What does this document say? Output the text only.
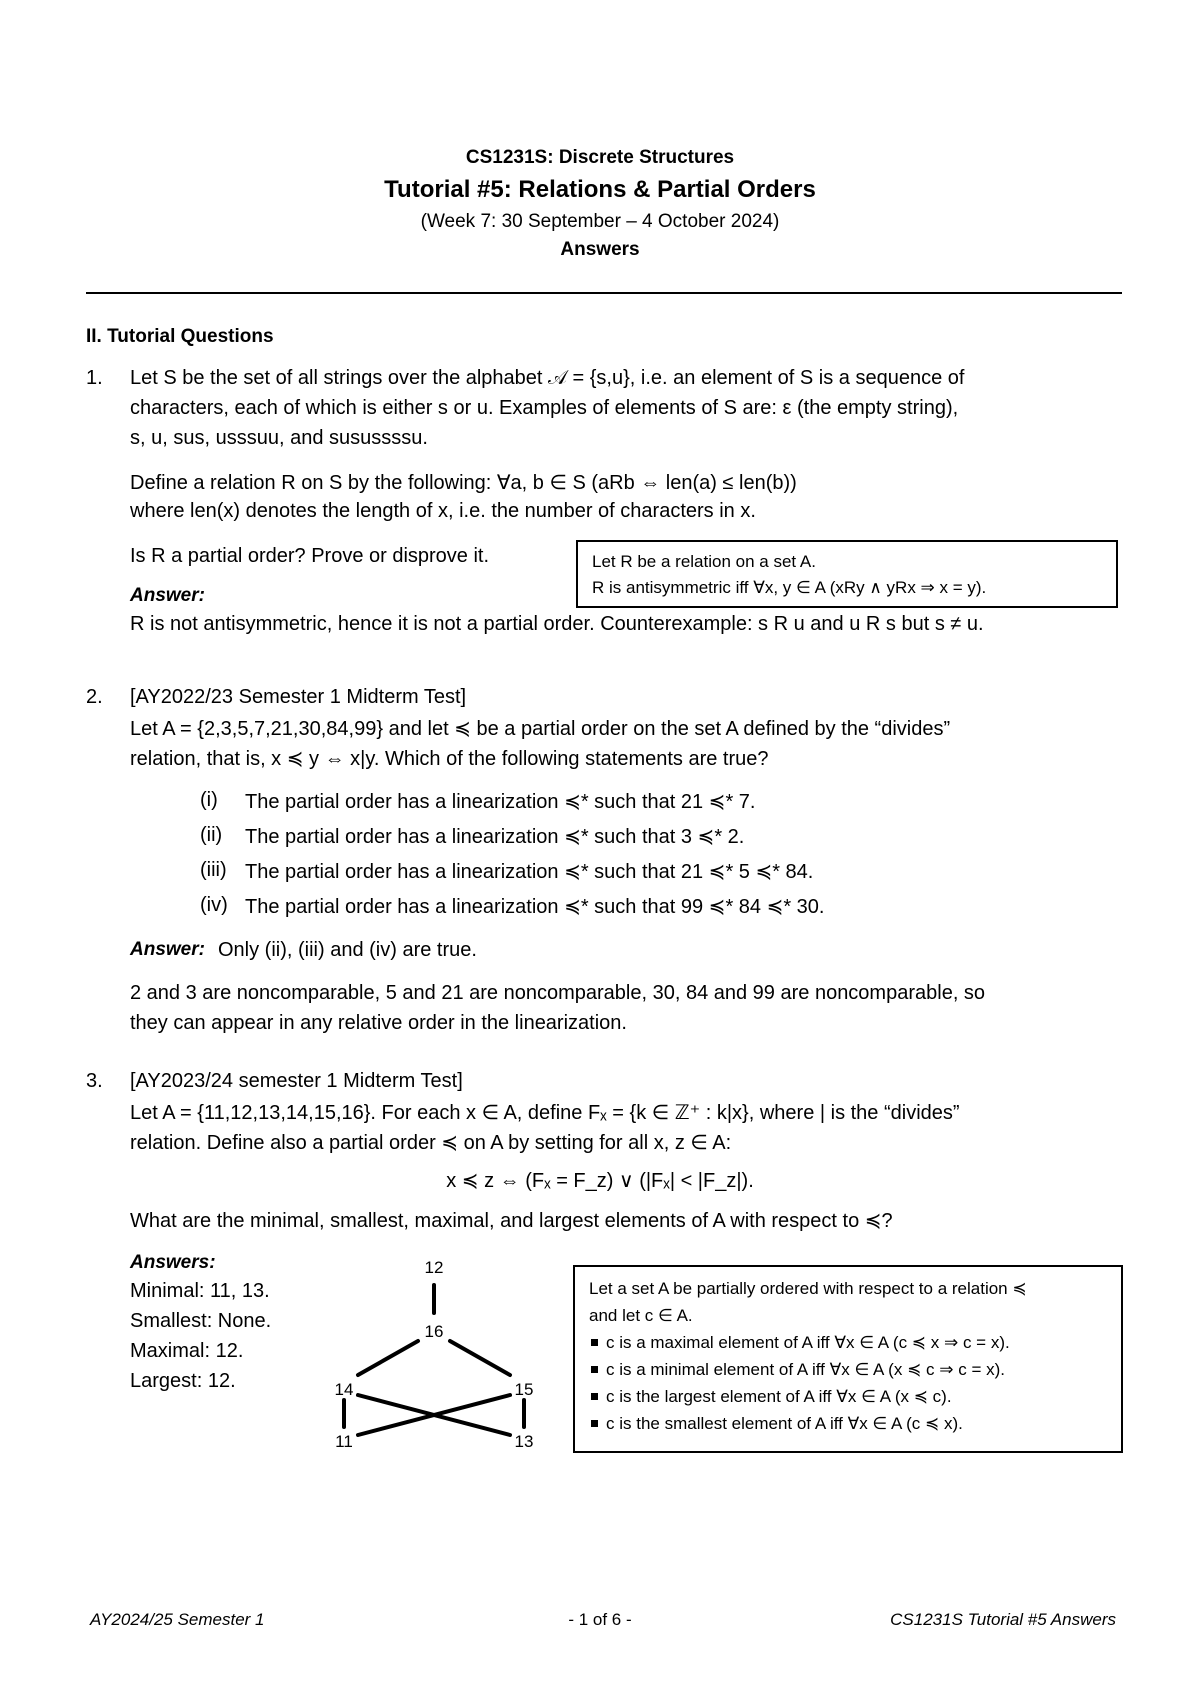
CS1231S: Discrete Structures
Tutorial #5: Relations & Partial Orders
(Week 7: 30 September – 4 October 2024)
Answers
II. Tutorial Questions
1. Let S be the set of all strings over the alphabet 𝒜 = {s,u}, i.e. an element of S is a sequence of
characters, each of which is either s or u. Examples of elements of S are: ε (the empty string),
s, u, sus, usssuu, and susussssu.
Define a relation R on S by the following: ∀a, b ∈ S (aRb ⇔ len(a) ≤ len(b))
where len(x) denotes the length of x, i.e. the number of characters in x.
Is R a partial order? Prove or disprove it.
Answer:
R is not antisymmetric, hence it is not a partial order. Counterexample: s R u and u R s but s ≠ u.
Let R be a relation on a set A.
R is antisymmetric iff ∀x, y ∈ A (xRy ∧ yRx ⇒ x = y).
2. [AY2022/23 Semester 1 Midterm Test]
Let A = {2,3,5,7,21,30,84,99} and let ≼ be a partial order on the set A defined by the “divides”
relation, that is, x ≼ y ⇔ x|y. Which of the following statements are true?
(i) The partial order has a linearization ≼* such that 21 ≼* 7.
(ii) The partial order has a linearization ≼* such that 3 ≼* 2.
(iii) The partial order has a linearization ≼* such that 21 ≼* 5 ≼* 84.
(iv) The partial order has a linearization ≼* such that 99 ≼* 84 ≼* 30.
Answer: Only (ii), (iii) and (iv) are true.
2 and 3 are noncomparable, 5 and 21 are noncomparable, 30, 84 and 99 are noncomparable, so
they can appear in any relative order in the linearization.
3. [AY2023/24 semester 1 Midterm Test]
Let A = {11,12,13,14,15,16}. For each x ∈ A, define Fₓ = {k ∈ ℤ⁺ : k|x}, where | is the “divides”
relation. Define also a partial order ≼ on A by setting for all x, z ∈ A:
x ≼ z ⇔ (Fₓ = F_z) ∨ (|Fₓ| < |F_z|).
What are the minimal, smallest, maximal, and largest elements of A with respect to ≼?
Answers:
Minimal: 11, 13.
Smallest: None.
Maximal: 12.
Largest: 12.
12
16
14	15
11	13
Let a set A be partially ordered with respect to a relation ≼
and let c ∈ A.
c is a maximal element of A iff ∀x ∈ A (c ≼ x ⇒ c = x).
c is a minimal element of A iff ∀x ∈ A (x ≼ c ⇒ c = x).
c is the largest element of A iff ∀x ∈ A (x ≼ c).
c is the smallest element of A iff ∀x ∈ A (c ≼ x).
AY2024/25 Semester 1	- 1 of 6 -	CS1231S Tutorial #5 Answers
